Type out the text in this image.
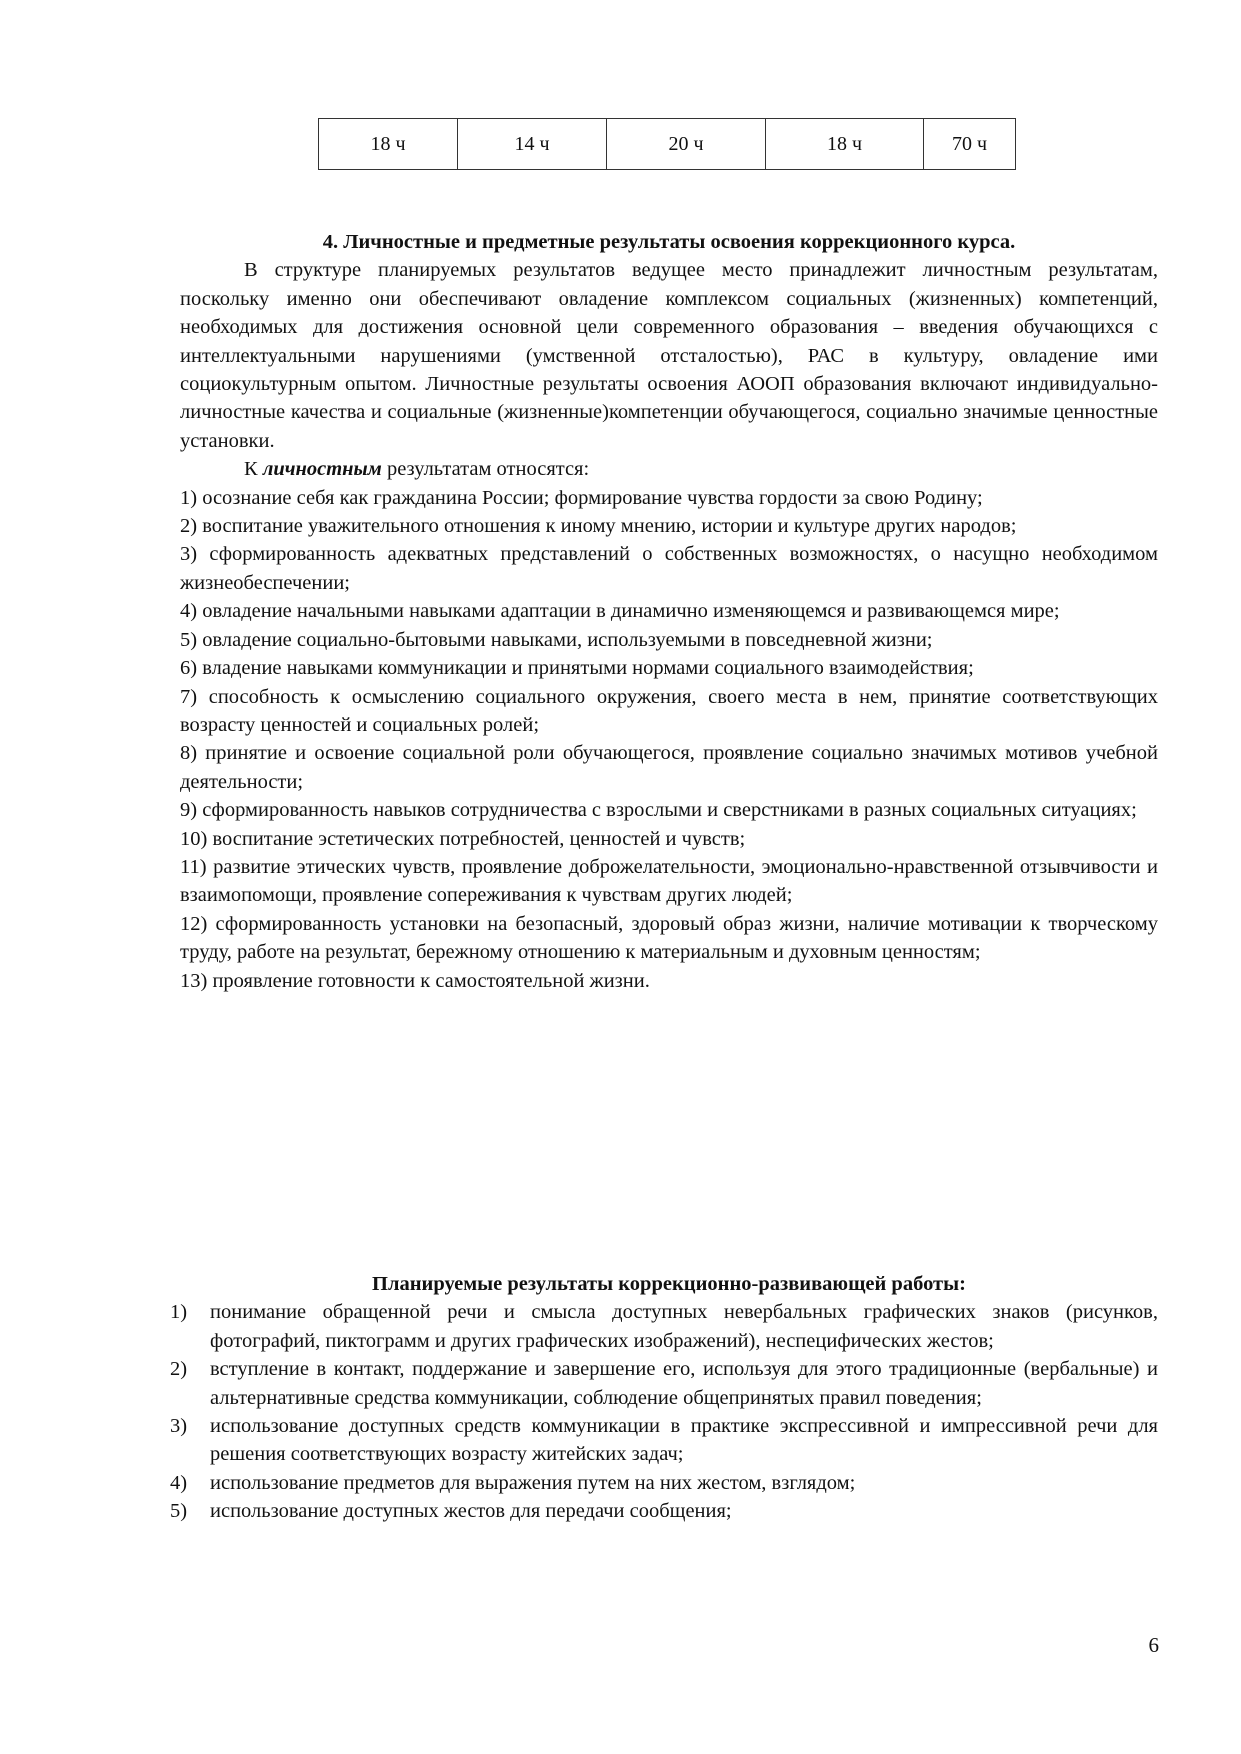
18 ч	14 ч	20 ч	18 ч	70 ч

4. Личностные и предметные результаты освоения коррекционного курса.

В структуре планируемых результатов ведущее место принадлежит личностным результатам, поскольку именно они обеспечивают овладение комплексом социальных (жизненных) компетенций, необходимых для достижения основной цели современного образования – введения обучающихся с интеллектуальными нарушениями (умственной отсталостью), РАС в культуру, овладение ими социокультурным опытом. Личностные результаты освоения АООП образования включают индивидуально-личностные качества и социальные (жизненные)компетенции обучающегося, социально значимые ценностные установки.

К личностным результатам относятся:

1) осознание себя как гражданина России; формирование чувства гордости за свою Родину;

2) воспитание уважительного отношения к иному мнению, истории и культуре других народов;

3) сформированность адекватных представлений о собственных возможностях, о насущно необходимом жизнеобеспечении;

4) овладение начальными навыками адаптации в динамично изменяющемся и развивающемся мире;

5) овладение социально-бытовыми навыками, используемыми в повседневной жизни;

6) владение навыками коммуникации и принятыми нормами социального взаимодействия;

7) способность к осмыслению социального окружения, своего места в нем, принятие соответствующих возрасту ценностей и социальных ролей;

8) принятие и освоение социальной роли обучающегося, проявление социально значимых мотивов учебной деятельности;

9) сформированность навыков сотрудничества с взрослыми и сверстниками в разных социальных ситуациях;

10) воспитание эстетических потребностей, ценностей и чувств;

11) развитие этических чувств, проявление доброжелательности, эмоционально-нравственной отзывчивости и взаимопомощи, проявление сопереживания к чувствам других людей;

12) сформированность установки на безопасный, здоровый образ жизни, наличие мотивации к творческому труду, работе на результат, бережному отношению к материальным и духовным ценностям;

13) проявление готовности к самостоятельной жизни.

Планируемые результаты коррекционно-развивающей работы:

1) понимание обращенной речи и смысла доступных невербальных графических знаков (рисунков, фотографий, пиктограмм и других графических изображений), неспецифических жестов;
2) вступление в контакт, поддержание и завершение его, используя для этого традиционные (вербальные) и альтернативные средства коммуникации, соблюдение общепринятых правил поведения;
3) использование доступных средств коммуникации в практике экспрессивной и импрессивной речи для решения соответствующих возрасту житейских задач;
4) использование предметов для выражения путем на них жестом, взглядом;
5) использование доступных жестов для передачи сообщения;
6
